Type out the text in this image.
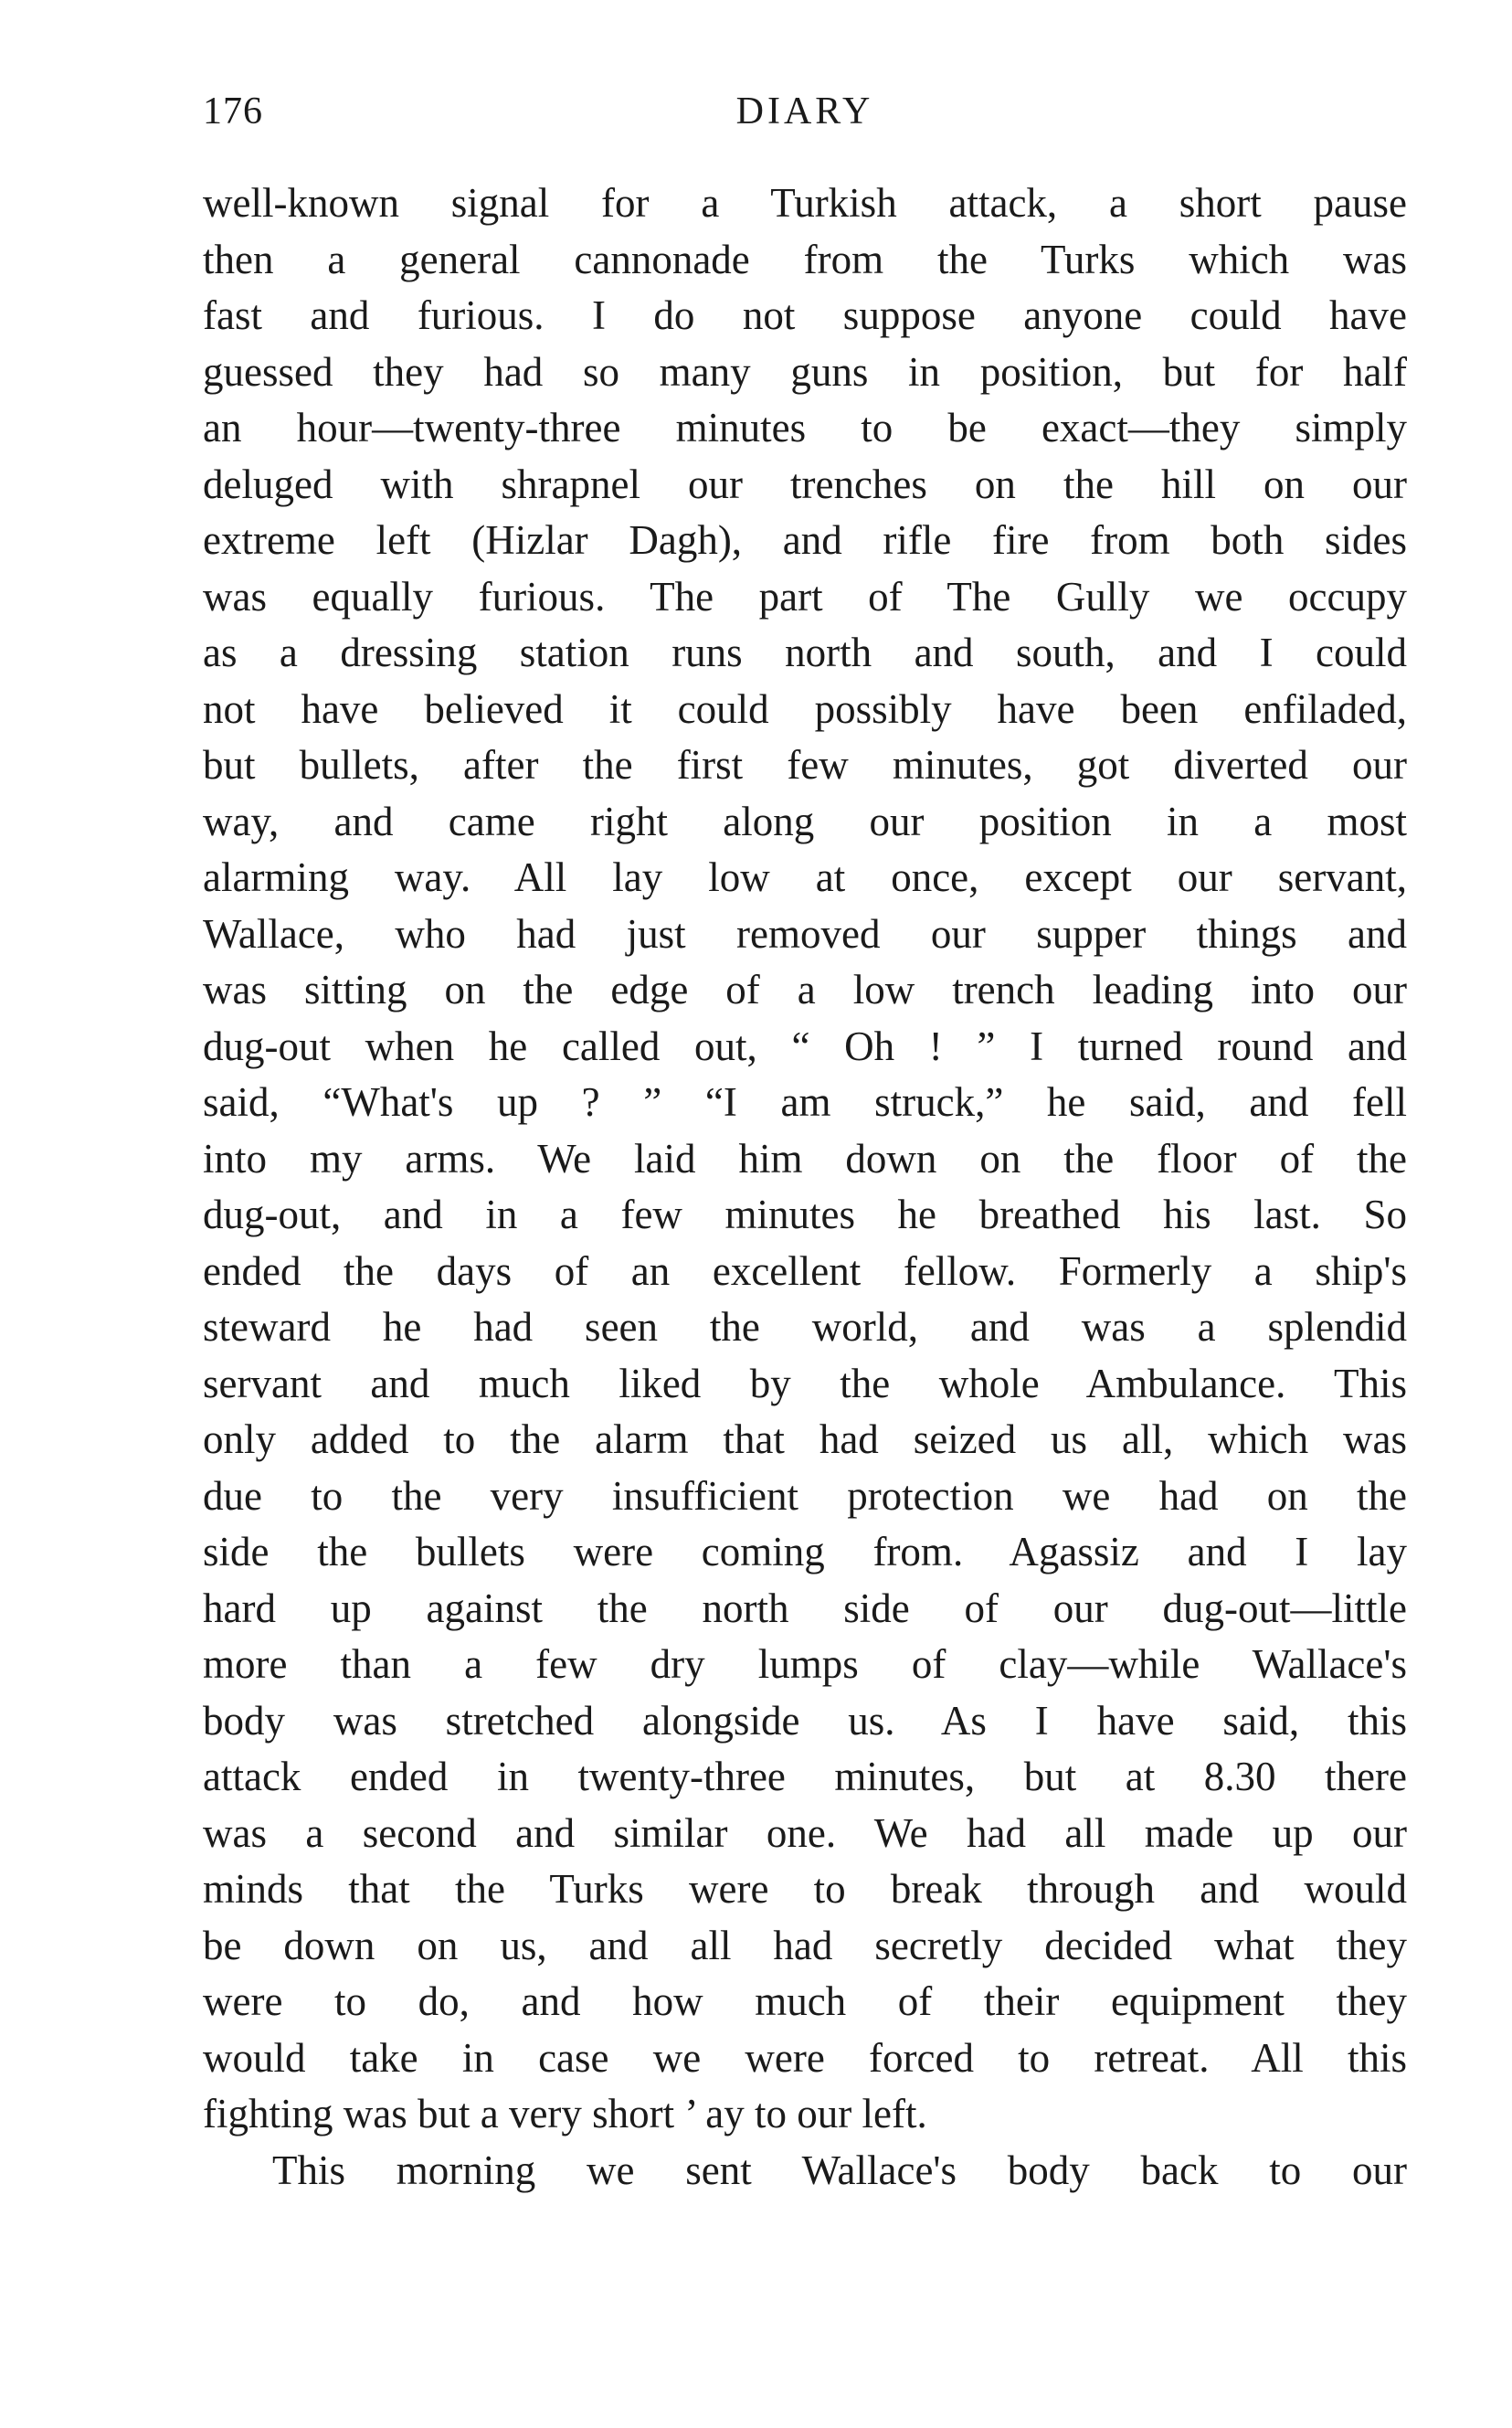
176	DIARY
well-known signal for a Turkish attack, a short pause
then a general cannonade from the Turks which was
fast and furious. I do not suppose anyone could have
guessed they had so many guns in position, but for half
an hour—twenty-three minutes to be exact—they simply
deluged with shrapnel our trenches on the hill on our
extreme left (Hizlar Dagh), and rifle fire from both sides
was equally furious. The part of The Gully we occupy
as a dressing station runs north and south, and I could
not have believed it could possibly have been enfiladed,
but bullets, after the first few minutes, got diverted our
way, and came right along our position in a most
alarming way. All lay low at once, except our servant,
Wallace, who had just removed our supper things and
was sitting on the edge of a low trench leading into our
dug-out when he called out, “ Oh ! ” I turned round and
said, “What's up ? ” “I am struck,” he said, and fell
into my arms. We laid him down on the floor of the
dug-out, and in a few minutes he breathed his last. So
ended the days of an excellent fellow. Formerly a ship's
steward he had seen the world, and was a splendid
servant and much liked by the whole Ambulance. This
only added to the alarm that had seized us all, which was
due to the very insufficient protection we had on the
side the bullets were coming from. Agassiz and I lay
hard up against the north side of our dug-out—little
more than a few dry lumps of clay—while Wallace's
body was stretched alongside us. As I have said, this
attack ended in twenty-three minutes, but at 8.30 there
was a second and similar one. We had all made up our
minds that the Turks were to break through and would
be down on us, and all had secretly decided what they
were to do, and how much of their equipment they
would take in case we were forced to retreat. All this
fighting was but a very short ’ ay to our left.
This morning we sent Wallace's body back to our
